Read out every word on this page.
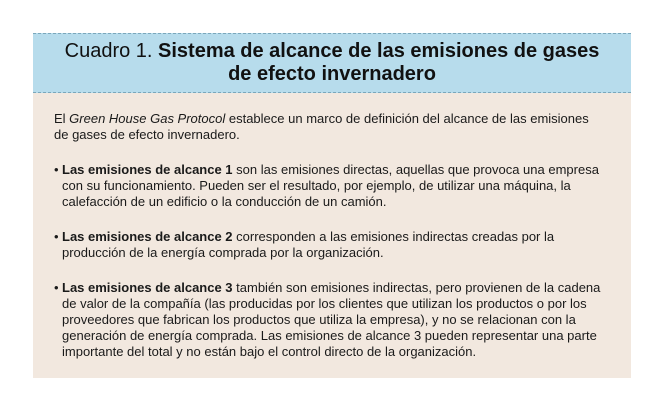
Cuadro 1. Sistema de alcance de las emisiones de gases
de efecto invernadero

El Green House Gas Protocol establece un marco de definición del alcance de las emisiones de gases de efecto invernadero.

• Las emisiones de alcance 1 son las emisiones directas, aquellas que provoca una empresa con su funcionamiento. Pueden ser el resultado, por ejemplo, de utilizar una máquina, la calefacción de un edificio o la conducción de un camión.
• Las emisiones de alcance 2 corresponden a las emisiones indirectas creadas por la producción de la energía comprada por la organización.
• Las emisiones de alcance 3 también son emisiones indirectas, pero provienen de la cadena de valor de la compañía (las producidas por los clientes que utilizan los productos o por los proveedores que fabrican los productos que utiliza la empresa), y no se relacionan con la generación de energía comprada. Las emisiones de alcance 3 pueden representar una parte importante del total y no están bajo el control directo de la organización.
